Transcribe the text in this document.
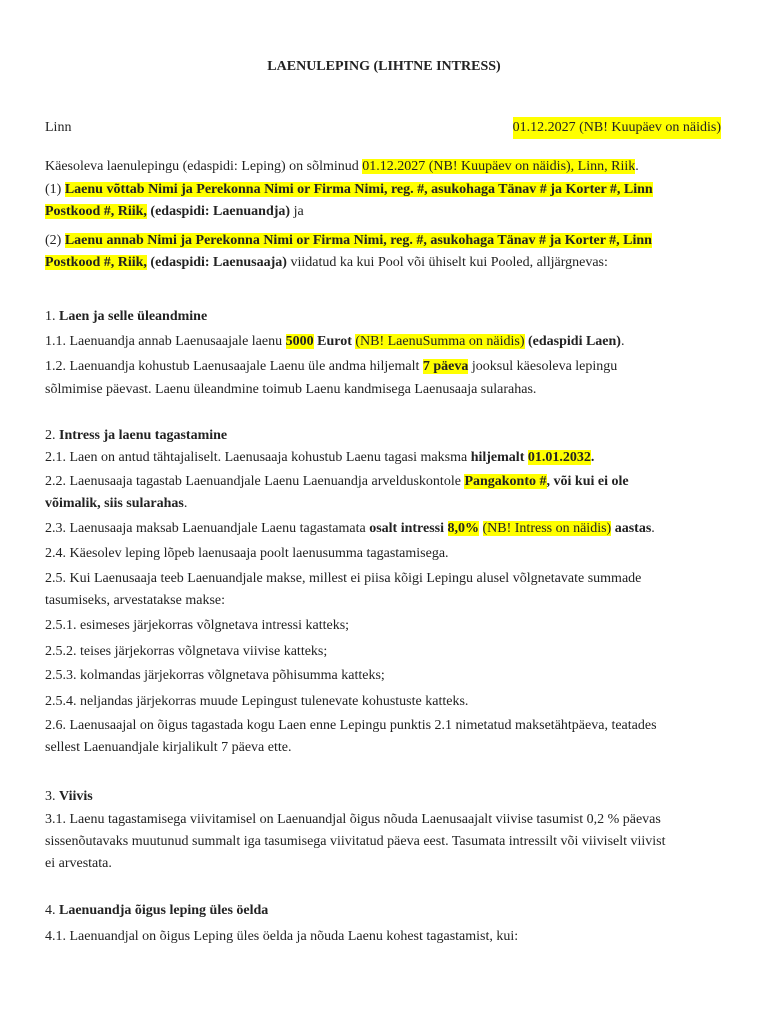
LAENULEPING (LIHTNE INTRESS)
Linn	01.12.2027 (NB! Kuupäev on näidis)
Käesoleva laenulepingu (edaspidi: Leping) on sõlminud 01.12.2027 (NB! Kuupäev on näidis), Linn, Riik.
(1) Laenu võttab Nimi ja Perekonna Nimi or Firma Nimi, reg. #, asukohaga Tänav # ja Korter #, Linn
Postkood #, Riik, (edaspidi: Laenuandja) ja
(2) Laenu annab Nimi ja Perekonna Nimi or Firma Nimi, reg. #, asukohaga Tänav # ja Korter #, Linn
Postkood #, Riik, (edaspidi: Laenusaaja) viidatud ka kui Pool või ühiselt kui Pooled, alljärgnevas:
1. Laen ja selle üleandmine
1.1. Laenuandja annab Laenusaajale laenu 5000 Eurot (NB! LaenuSumma on näidis) (edaspidi Laen).
1.2. Laenuandja kohustub Laenusaajale Laenu üle andma hiljemalt 7 päeva jooksul käesoleva lepingu
sõlmimise päevast. Laenu üleandmine toimub Laenu kandmisega Laenusaaja sularahas.
2. Intress ja laenu tagastamine
2.1. Laen on antud tähtajaliselt. Laenusaaja kohustub Laenu tagasi maksma hiljemalt 01.01.2032.
2.2. Laenusaaja tagastab Laenuandjale Laenu Laenuandja arvelduskontole Pangakonto #, või kui ei ole
võimalik, siis sularahas.
2.3. Laenusaaja maksab Laenuandjale Laenu tagastamata osalt intressi 8,0% (NB! Intress on näidis) aastas.
2.4. Käesolev leping lõpeb laenusaaja poolt laenusumma tagastamisega.
2.5. Kui Laenusaaja teeb Laenuandjale makse, millest ei piisa kõigi Lepingu alusel võlgnetavate summade
tasumiseks, arvestatakse makse:
2.5.1. esimeses järjekorras võlgnetava intressi katteks;
2.5.2. teises järjekorras võlgnetava viivise katteks;
2.5.3. kolmandas järjekorras võlgnetava põhisumma katteks;
2.5.4. neljandas järjekorras muude Lepingust tulenevate kohustuste katteks.
2.6. Laenusaajal on õigus tagastada kogu Laen enne Lepingu punktis 2.1 nimetatud maksetähtpäeva, teatades
sellest Laenuandjale kirjalikult 7 päeva ette.
3. Viivis
3.1. Laenu tagastamisega viivitamisel on Laenuandjal õigus nõuda Laenusaajalt viivise tasumist 0,2 % päevas
sissenõutavaks muutunud summalt iga tasumisega viivitatud päeva eest. Tasumata intressilt või viiviselt viivist
ei arvestata.
4. Laenuandja õigus leping üles öelda
4.1. Laenuandjal on õigus Leping üles öelda ja nõuda Laenu kohest tagastamist, kui:
